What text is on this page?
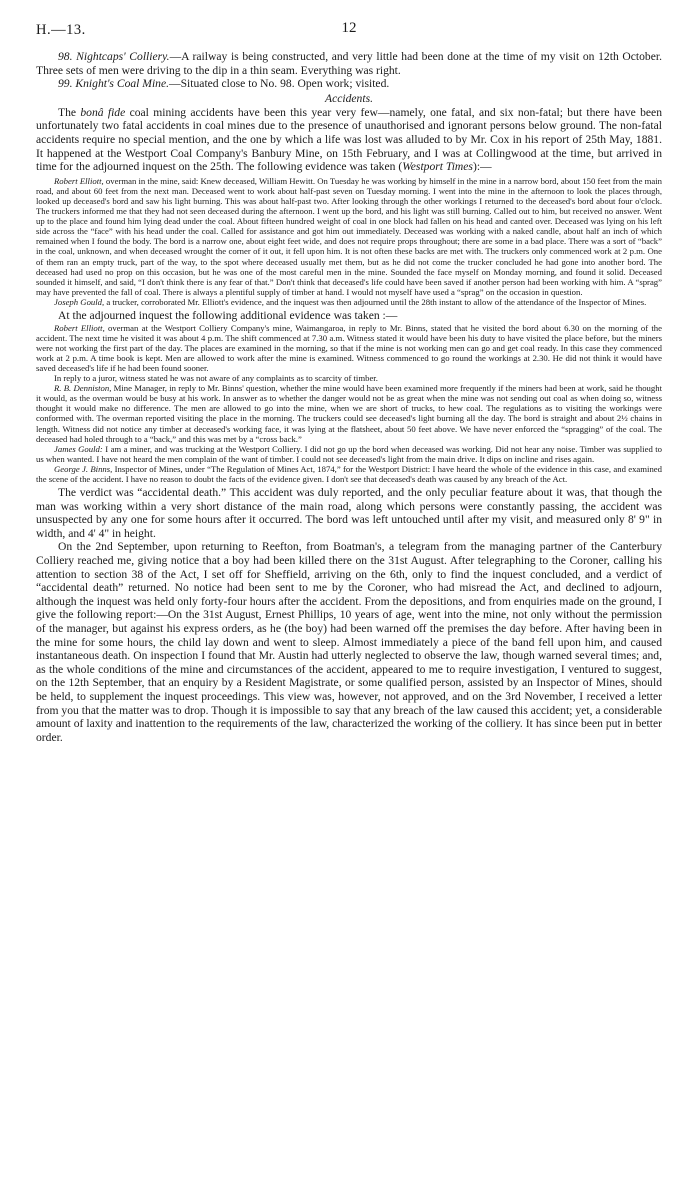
H.—13.	12

98. Nightcaps' Colliery.—A railway is being constructed, and very little had been done at the time of my visit on 12th October. Three sets of men were driving to the dip in a thin seam. Everything was right.

99. Knight's Coal Mine.—Situated close to No. 98. Open work; visited.

Accidents.

The bonâ fide coal mining accidents have been this year very few—namely, one fatal, and six non-fatal; but there have been unfortunately two fatal accidents in coal mines due to the presence of unauthorised and ignorant persons below ground. The non-fatal accidents require no special mention, and the one by which a life was lost was alluded to by Mr. Cox in his report of 25th May, 1881. It happened at the Westport Coal Company's Banbury Mine, on 15th February, and I was at Collingwood at the time, but arrived in time for the adjourned inquest on the 25th. The following evidence was taken (Westport Times):—

Robert Elliott, overman in the mine, said: Knew deceased, William Hewitt. On Tuesday he was working by himself in the mine in a narrow bord, about 150 feet from the main road, and about 60 feet from the next man. Deceased went to work about half-past seven on Tuesday morning. I went into the mine in the afternoon to look the places through, looked up deceased's bord and saw his light burning. This was about half-past two. After looking through the other workings I returned to the deceased's bord about four o'clock. The truckers informed me that they had not seen deceased during the afternoon. I went up the bord, and his light was still burning. Called out to him, but received no answer. Went up to the place and found him lying dead under the coal. About fifteen hundred weight of coal in one block had fallen on his head and canted over. Deceased was lying on his left side across the “face” with his head under the coal. Called for assistance and got him out immediately. Deceased was working with a naked candle, about half an inch of which remained when I found the body. The bord is a narrow one, about eight feet wide, and does not require props throughout; there are some in a bad place. There was a sort of “back” in the coal, unknown, and when deceased wrought the corner of it out, it fell upon him. It is not often these backs are met with. The truckers only commenced work at 2 p.m. One of them ran an empty truck, part of the way, to the spot where deceased usually met them, but as he did not come the trucker concluded he had gone into another bord. The deceased had used no prop on this occasion, but he was one of the most careful men in the mine. Sounded the face myself on Monday morning, and found it solid. Deceased sounded it himself, and said, “I don't think there is any fear of that.” Don't think that deceased's life could have been saved if another person had been working with him. A “sprag” may have prevented the fall of coal. There is always a plentiful supply of timber at hand. I would not myself have used a “sprag” on the occasion in question.

Joseph Gould, a trucker, corroborated Mr. Elliott's evidence, and the inquest was then adjourned until the 28th instant to allow of the attendance of the Inspector of Mines.

At the adjourned inquest the following additional evidence was taken :—

Robert Elliott, overman at the Westport Colliery Company's mine, Waimangaroa, in reply to Mr. Binns, stated that he visited the bord about 6.30 on the morning of the accident. The next time he visited it was about 4 p.m. The shift commenced at 7.30 a.m. Witness stated it would have been his duty to have visited the place before, but the miners were not working the first part of the day. The places are examined in the morning, so that if the mine is not working men can go and get coal ready. In this case they commenced work at 2 p.m. A time book is kept. Men are allowed to work after the mine is examined. Witness commenced to go round the workings at 2.30. He did not think it would have saved deceased's life if he had been found sooner.

In reply to a juror, witness stated he was not aware of any complaints as to scarcity of timber.

R. B. Denniston, Mine Manager, in reply to Mr. Binns' question, whether the mine would have been examined more frequently if the miners had been at work, said he thought it would, as the overman would be busy at his work. In answer as to whether the danger would not be as great when the mine was not sending out coal as when doing so, witness thought it would make no difference. The men are allowed to go into the mine, when we are short of trucks, to hew coal. The regulations as to visiting the workings were conformed with. The overman reported visiting the place in the morning. The truckers could see deceased's light burning all the day. The bord is straight and about 2½ chains in length. Witness did not notice any timber at deceased's working face, it was lying at the flatsheet, about 50 feet above. We have never enforced the “spragging” of the coal. The deceased had holed through to a “back,” and this was met by a “cross back.”

James Gould: I am a miner, and was trucking at the Westport Colliery. I did not go up the bord when deceased was working. Did not hear any noise. Timber was supplied to us when wanted. I have not heard the men complain of the want of timber. I could not see deceased's light from the main drive. It dips on incline and rises again.

George J. Binns, Inspector of Mines, under “The Regulation of Mines Act, 1874,” for the Westport District: I have heard the whole of the evidence in this case, and examined the scene of the accident. I have no reason to doubt the facts of the evidence given. I don't see that deceased's death was caused by any breach of the Act.

The verdict was “accidental death.” This accident was duly reported, and the only peculiar feature about it was, that though the man was working within a very short distance of the main road, along which persons were constantly passing, the accident was unsuspected by any one for some hours after it occurred. The bord was left untouched until after my visit, and measured only 8' 9" in width, and 4' 4" in height.

On the 2nd September, upon returning to Reefton, from Boatman's, a telegram from the managing partner of the Canterbury Colliery reached me, giving notice that a boy had been killed there on the 31st August. After telegraphing to the Coroner, calling his attention to section 38 of the Act, I set off for Sheffield, arriving on the 6th, only to find the inquest concluded, and a verdict of “accidental death” returned. No notice had been sent to me by the Coroner, who had misread the Act, and declined to adjourn, although the inquest was held only forty-four hours after the accident. From the depositions, and from enquiries made on the ground, I give the following report:—On the 31st August, Ernest Phillips, 10 years of age, went into the mine, not only without the permission of the manager, but against his express orders, as he (the boy) had been warned off the premises the day before. After having been in the mine for some hours, the child lay down and went to sleep. Almost immediately a piece of the band fell upon him, and caused instantaneous death. On inspection I found that Mr. Austin had utterly neglected to observe the law, though warned several times; and, as the whole conditions of the mine and circumstances of the accident, appeared to me to require investigation, I ventured to suggest, on the 12th September, that an enquiry by a Resident Magistrate, or some qualified person, assisted by an Inspector of Mines, should be held, to supplement the inquest proceedings. This view was, however, not approved, and on the 3rd November, I received a letter from you that the matter was to drop. Though it is impossible to say that any breach of the law caused this accident; yet, a considerable amount of laxity and inattention to the requirements of the law, characterized the working of the colliery. It has since been put in better order.
